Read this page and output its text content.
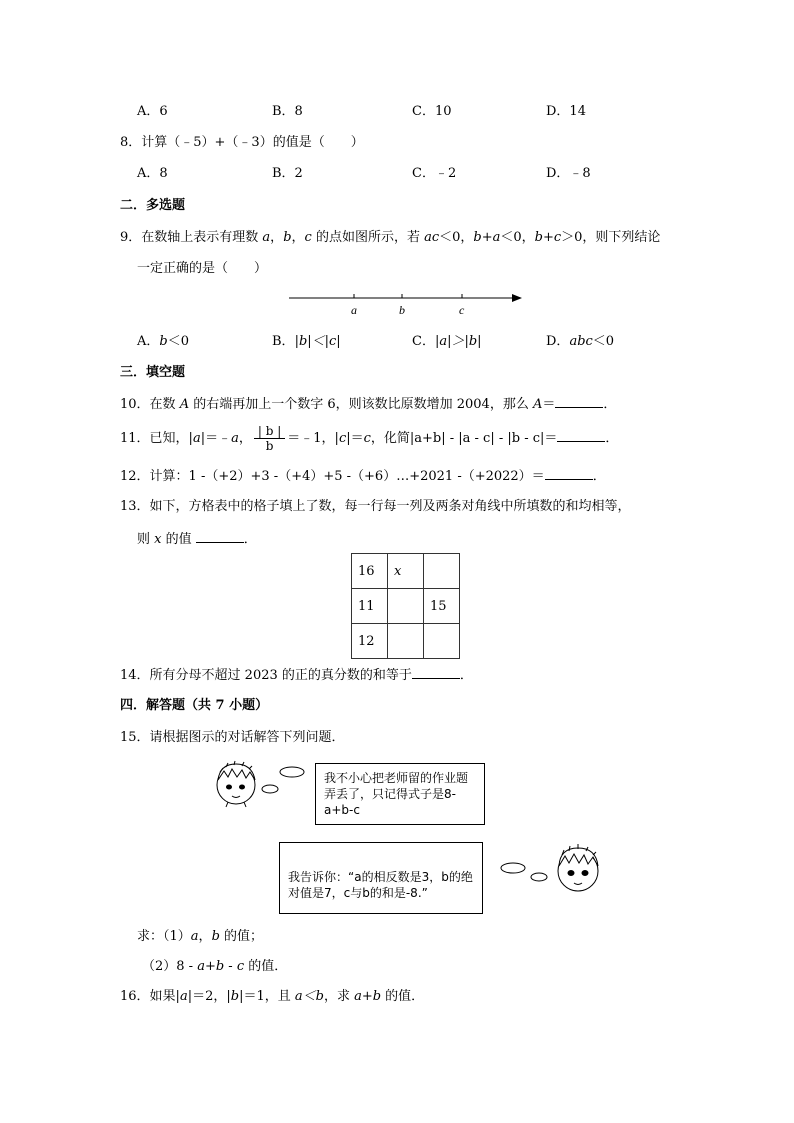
A．6	B．8	C．10	D．14
8．计算（﹣5）+（﹣3）的值是（　　）
A．8	B．2	C．﹣2	D．﹣8
二．多选题
9．在数轴上表示有理数 a，b，c 的点如图所示，若 ac＜0，b+a＜0，b+c＞0，则下列结论
一定正确的是（　　）
a	b	c
A．b＜0	B．|b|＜|c|	C．|a|＞|b|	D．abc＜0
三．填空题
10．在数 A 的右端再加上一个数字 6，则该数比原数增加 2004，那么 A＝	．
11．已知，|a|＝﹣a， $\frac{| b |}{b}$ ＝﹣1，|c|＝c，化简|a+b| - |a - c| - |b - c|＝	．
12．计算：1 -（+2）+3 -（+4）+5 -（+6）…+2021 -（+2022）＝	．
13．如下，方格表中的格子填上了数，每一行每一列及两条对角线中所填数的和均相等，
则 x 的值	．
16	x	
11		15
12		
14．所有分母不超过 2023 的正的真分数的和等于	．
四．解答题（共 7 小题）
15．请根据图示的对话解答下列问题．
我不小心把老师留的作业题弄丢了，只记得式子是8-a+b-c
我告诉你：“a的相反数是3，b的绝对值是7，c与b的和是-8.”
求：（1）a，b 的值；
（2）8 - a+b - c 的值．
16．如果|a|＝2，|b|＝1，且 a＜b，求 a+b 的值．
